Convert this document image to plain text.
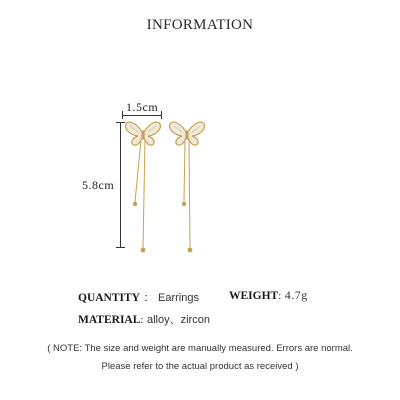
INFORMATION
1.5cm
5.8cm
QUANTITY ： Earrings	WEIGHT: 4.7g
MATERIAL: alloy、zircon
( NOTE: The size and weight are manually measured. Errors are normal.
Please refer to the actual product as received )
